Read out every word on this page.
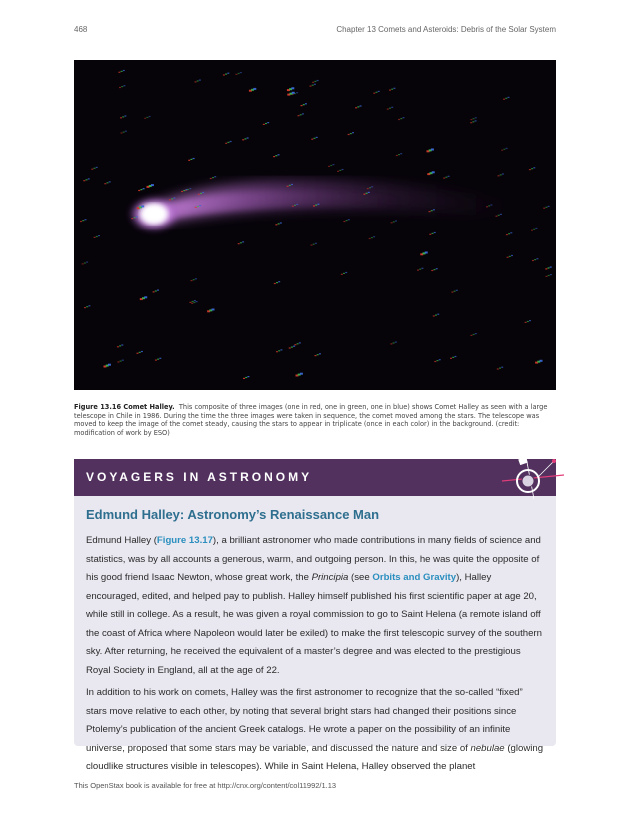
468	Chapter 13 Comets and Asteroids: Debris of the Solar System
Figure 13.16 Comet Halley. This composite of three images (one in red, one in green, one in blue) shows Comet Halley as seen with a large telescope in Chile in 1986. During the time the three images were taken in sequence, the comet moved among the stars. The telescope was moved to keep the image of the comet steady, causing the stars to appear in triplicate (once in each color) in the background. (credit: modification of work by ESO)
VOYAGERS IN ASTRONOMY
Edmund Halley: Astronomy’s Renaissance Man

Edmund Halley (Figure 13.17), a brilliant astronomer who made contributions in many fields of science and statistics, was by all accounts a generous, warm, and outgoing person. In this, he was quite the opposite of his good friend Isaac Newton, whose great work, the Principia (see Orbits and Gravity), Halley encouraged, edited, and helped pay to publish. Halley himself published his first scientific paper at age 20, while still in college. As a result, he was given a royal commission to go to Saint Helena (a remote island off the coast of Africa where Napoleon would later be exiled) to make the first telescopic survey of the southern sky. After returning, he received the equivalent of a master’s degree and was elected to the prestigious Royal Society in England, all at the age of 22.

In addition to his work on comets, Halley was the first astronomer to recognize that the so-called “fixed” stars move relative to each other, by noting that several bright stars had changed their positions since Ptolemy’s publication of the ancient Greek catalogs. He wrote a paper on the possibility of an infinite universe, proposed that some stars may be variable, and discussed the nature and size of nebulae (glowing cloudlike structures visible in telescopes). While in Saint Helena, Halley observed the planet

This OpenStax book is available for free at http://cnx.org/content/col11992/1.13
